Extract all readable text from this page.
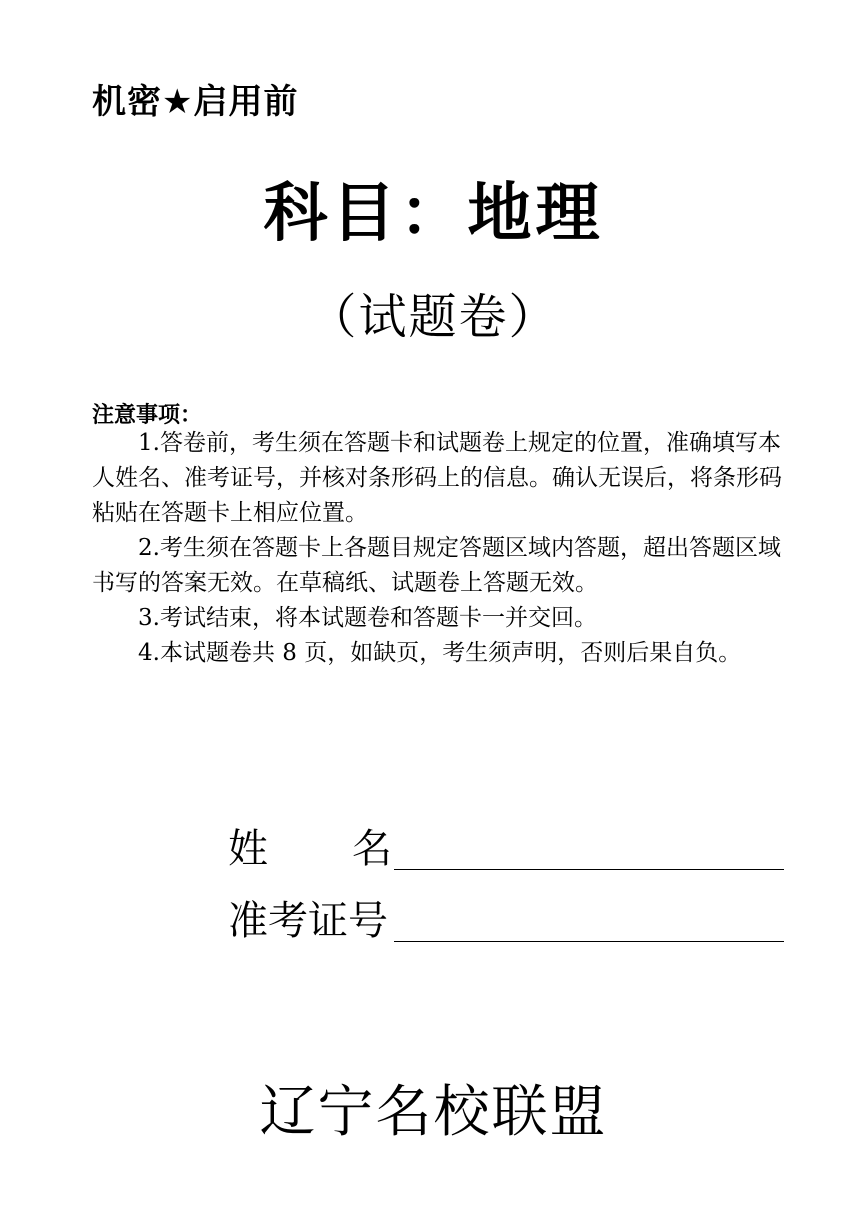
机密★启用前
科目：地理
（试题卷）
注意事项：

1.答卷前，考生须在答题卡和试题卷上规定的位置，准确填写本人姓名、准考证号，并核对条形码上的信息。确认无误后，将条形码粘贴在答题卡上相应位置。

2.考生须在答题卡上各题目规定答题区域内答题，超出答题区域书写的答案无效。在草稿纸、试题卷上答题无效。

3.考试结束，将本试题卷和答题卡一并交回。

4.本试题卷共 8 页，如缺页，考生须声明，否则后果自负。

姓 名
准考证号
辽宁名校联盟
